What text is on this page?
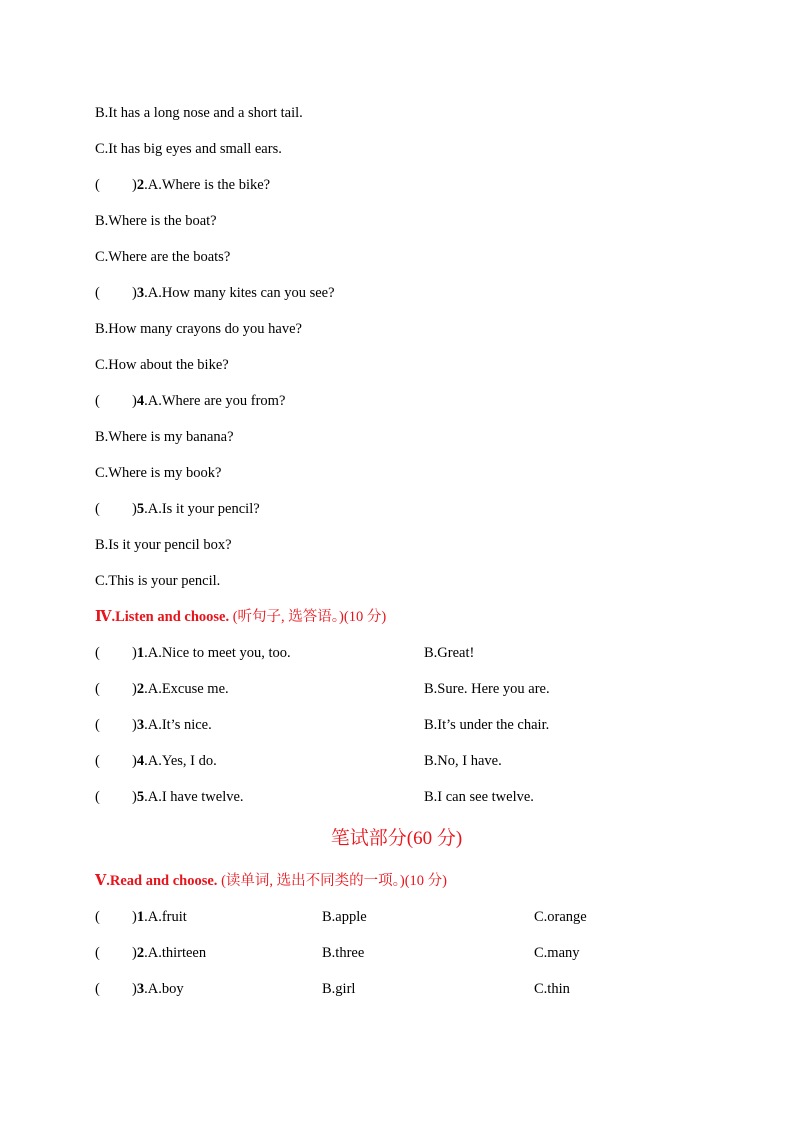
B.It has a long nose and a short tail.
C.It has big eyes and small ears.
( )2.A.Where is the bike?
B.Where is the boat?
C.Where are the boats?
( )3.A.How many kites can you see?
B.How many crayons do you have?
C.How about the bike?
( )4.A.Where are you from?
B.Where is my banana?
C.Where is my book?
( )5.A.Is it your pencil?
B.Is it your pencil box?
C.This is your pencil.
Ⅳ.Listen and choose. (听句子, 选答语。)(10 分)
( )1.A.Nice to meet you, too.	B.Great!
( )2.A.Excuse me.	B.Sure. Here you are.
( )3.A.It’s nice.	B.It’s under the chair.
( )4.A.Yes, I do.	B.No, I have.
( )5.A.I have twelve.	B.I can see twelve.
笔试部分(60 分)
Ⅴ.Read and choose. (读单词, 选出不同类的一项。)(10 分)
( )1.A.fruit	B.apple	C.orange
( )2.A.thirteen	B.three	C.many
( )3.A.boy	B.girl	C.thin
